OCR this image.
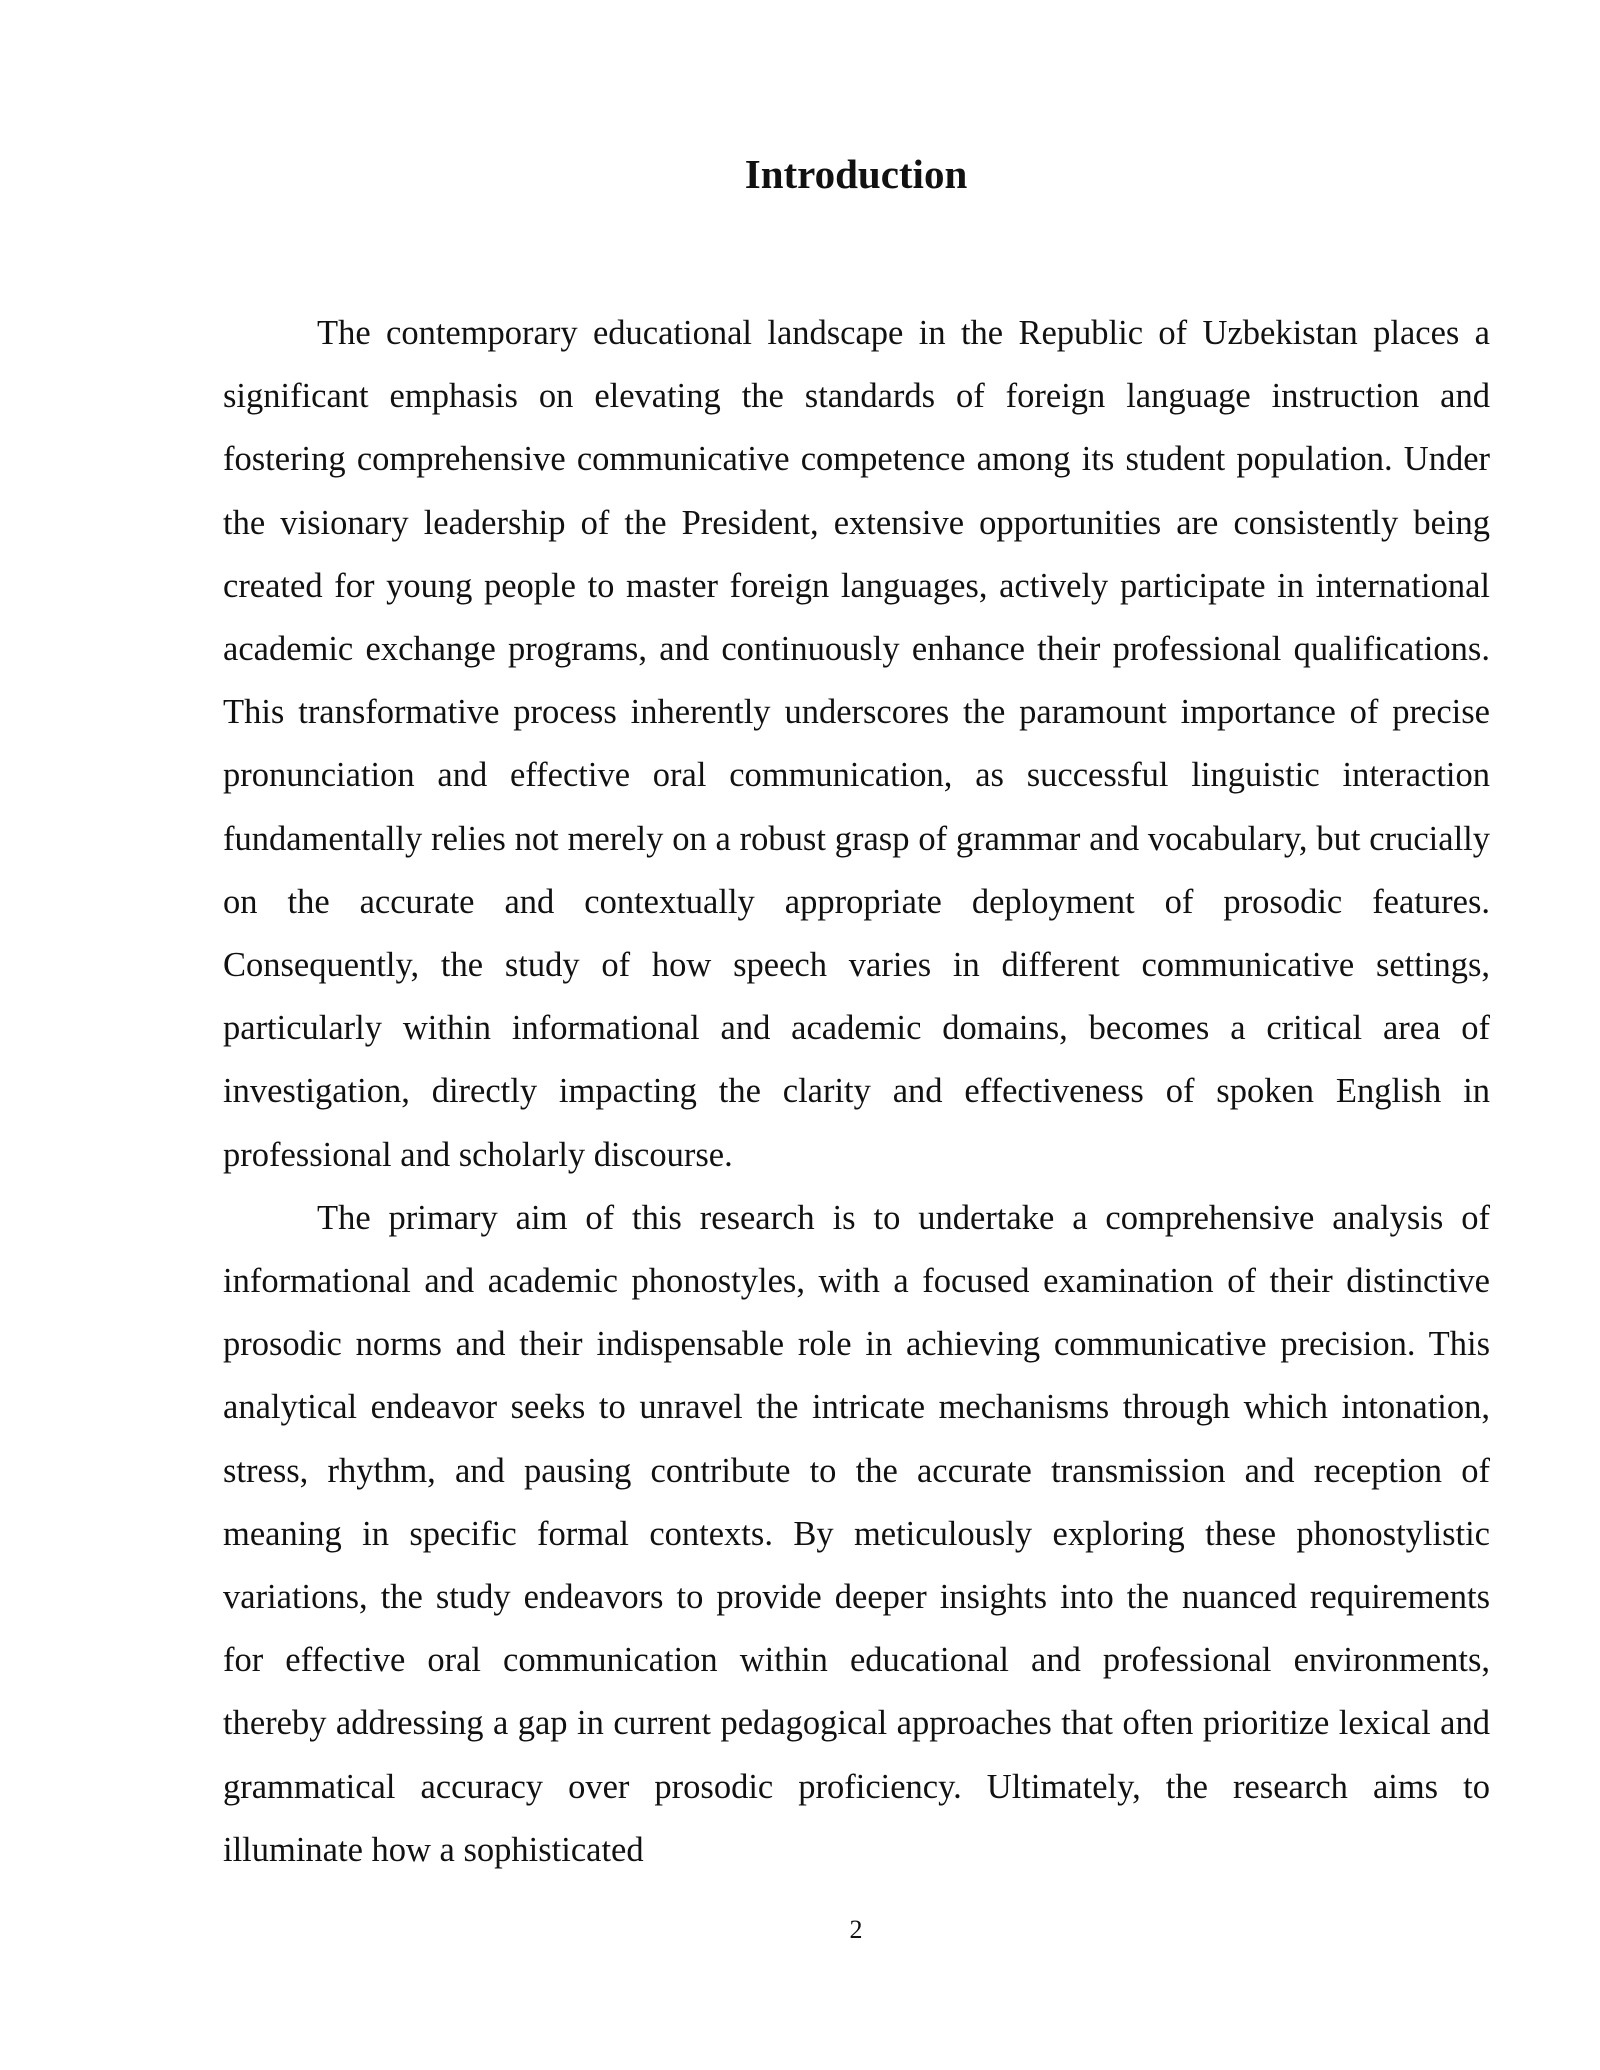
Introduction

The contemporary educational landscape in the Republic of Uzbekistan places a significant emphasis on elevating the standards of foreign language instruction and fostering comprehensive communicative competence among its student population. Under the visionary leadership of the President, extensive opportunities are consistently being created for young people to master foreign languages, actively participate in international academic exchange programs, and continuously enhance their professional qualifications. This transformative process inherently underscores the paramount importance of precise pronunciation and effective oral communication, as successful linguistic interaction fundamentally relies not merely on a robust grasp of grammar and vocabulary, but crucially on the accurate and contextually appropriate deployment of prosodic features. Consequently, the study of how speech varies in different communicative settings, particularly within informational and academic domains, becomes a critical area of investigation, directly impacting the clarity and effectiveness of spoken English in professional and scholarly discourse.

The primary aim of this research is to undertake a comprehensive analysis of informational and academic phonostyles, with a focused examination of their distinctive prosodic norms and their indispensable role in achieving communicative precision. This analytical endeavor seeks to unravel the intricate mechanisms through which intonation, stress, rhythm, and pausing contribute to the accurate transmission and reception of meaning in specific formal contexts. By meticulously exploring these phonostylistic variations, the study endeavors to provide deeper insights into the nuanced requirements for effective oral communication within educational and professional environments, thereby addressing a gap in current pedagogical approaches that often prioritize lexical and grammatical accuracy over prosodic proficiency. Ultimately, the research aims to illuminate how a sophisticated

2
